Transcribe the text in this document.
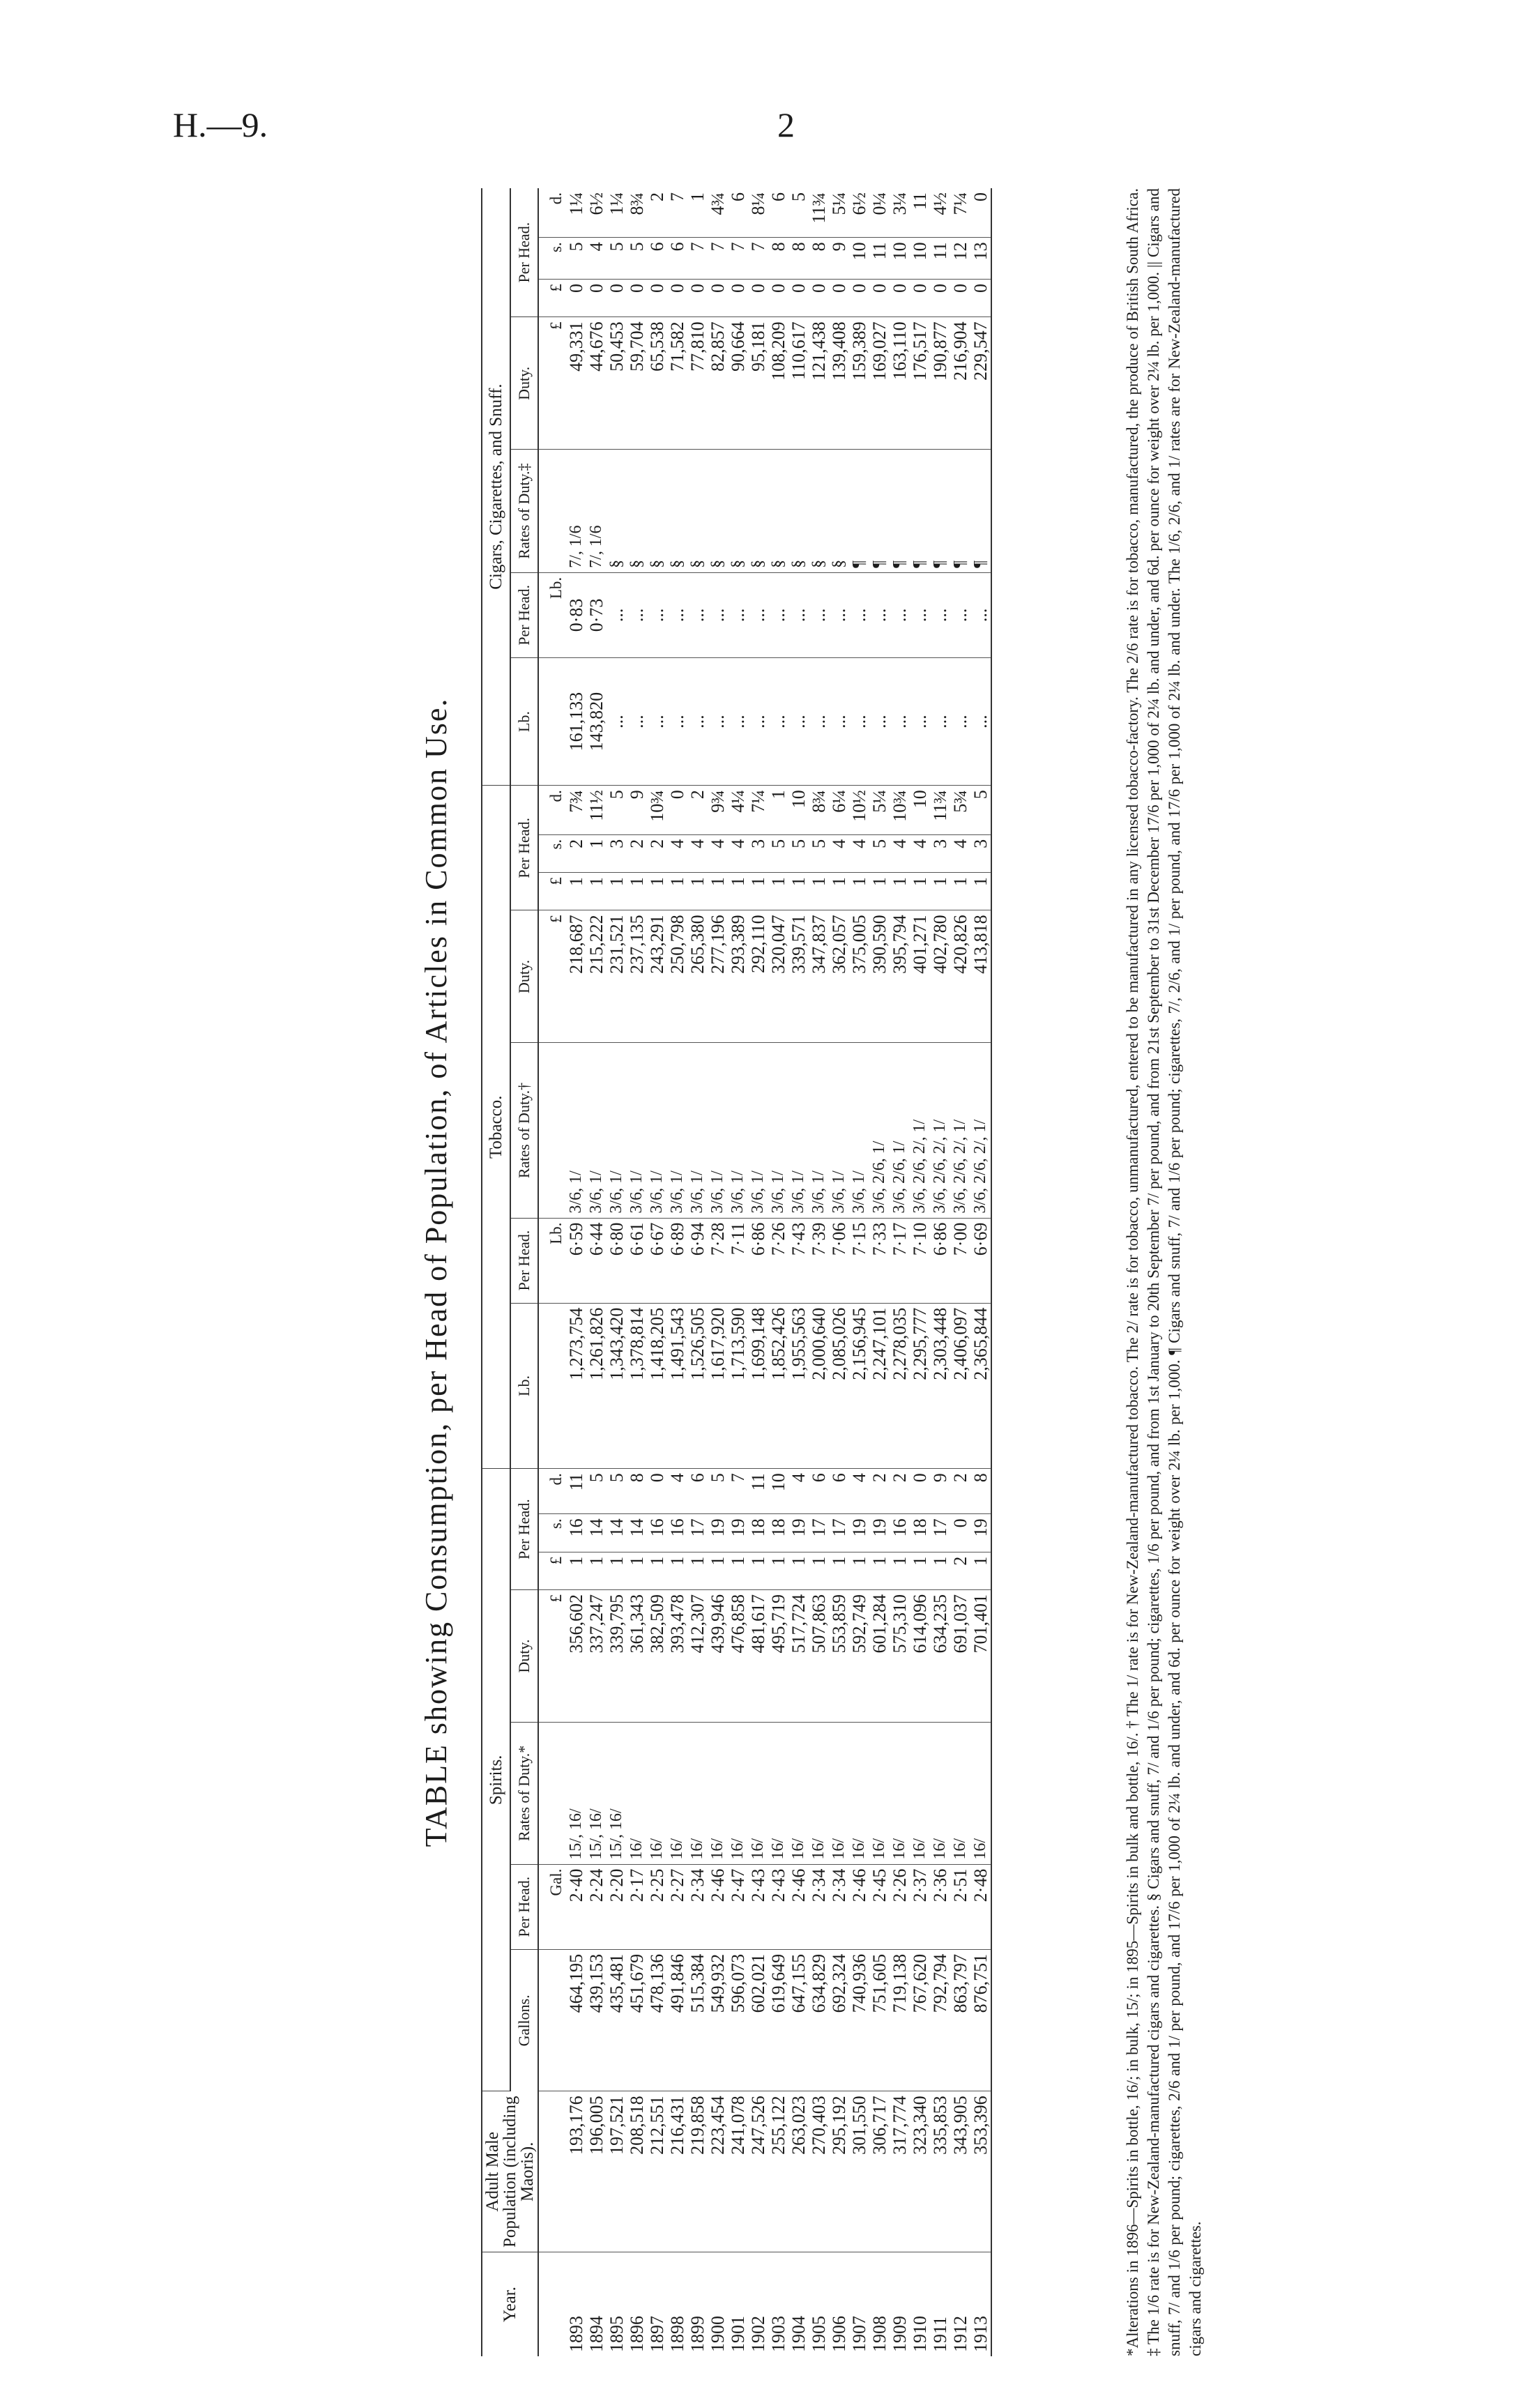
H.—9.	2
TABLE showing Consumption, per Head of Population, of Articles in Common Use.
Year.	Adult Male Population (including Maoris).	Spirits.							Tobacco.							Cigars, Cigarettes, and Snuff.						
		Gallons.	Per Head.	Rates of Duty.*	Duty.	Per Head.			Lb.	Per Head.	Rates of Duty.†	Duty.	Per Head.			Lb.	Per Head.	Rates of Duty.‡	Duty.	Per Head.		
			Gal.		£	£	s.	d.		Lb.		£	£	s.	d.		Lb.		£	£	s.	d.
1893	193,176	464,195	2·40	15/, 16/	356,602	1	16	11	1,273,754	6·59	3/6, 1/	218,687	1	2	7¾	161,133	0·83	7/, 1/6	49,331	0	5	1¼
1894	196,005	439,153	2·24	15/, 16/	337,247	1	14	5	1,261,826	6·44	3/6, 1/	215,222	1	1	11½	143,820	0·73	7/, 1/6	44,676	0	4	6½
1895	197,521	435,481	2·20	15/, 16/	339,795	1	14	5	1,343,420	6·80	3/6, 1/	231,521	1	3	5	...	...	§	50,453	0	5	1¼
1896	208,518	451,679	2·17	16/	361,343	1	14	8	1,378,814	6·61	3/6, 1/	237,135	1	2	9	...	...	§	59,704	0	5	8¾
1897	212,551	478,136	2·25	16/	382,509	1	16	0	1,418,205	6·67	3/6, 1/	243,291	1	2	10¾	...	...	§	65,538	0	6	2
1898	216,431	491,846	2·27	16/	393,478	1	16	4	1,491,543	6·89	3/6, 1/	250,798	1	4	0	...	...	§	71,582	0	6	7
1899	219,858	515,384	2·34	16/	412,307	1	17	6	1,526,505	6·94	3/6, 1/	265,380	1	4	2	...	...	§	77,810	0	7	1
1900	223,454	549,932	2·46	16/	439,946	1	19	5	1,617,920	7·28	3/6, 1/	277,196	1	4	9¾	...	...	§	82,857	0	7	4¾
1901	241,078	596,073	2·47	16/	476,858	1	19	7	1,713,590	7·11	3/6, 1/	293,389	1	4	4¼	...	...	§	90,664	0	7	6
1902	247,526	602,021	2·43	16/	481,617	1	18	11	1,699,148	6·86	3/6, 1/	292,110	1	3	7¼	...	...	§	95,181	0	7	8¼
1903	255,122	619,649	2·43	16/	495,719	1	18	10	1,852,426	7·26	3/6, 1/	320,047	1	5	1	...	...	§	108,209	0	8	6
1904	263,023	647,155	2·46	16/	517,724	1	19	4	1,955,563	7·43	3/6, 1/	339,571	1	5	10	...	...	§	110,617	0	8	5
1905	270,403	634,829	2·34	16/	507,863	1	17	6	2,000,640	7·39	3/6, 1/	347,837	1	5	8¾	...	...	§	121,438	0	8	11¾
1906	295,192	692,324	2·34	16/	553,859	1	17	6	2,085,026	7·06	3/6, 1/	362,057	1	4	6¼	...	...	§	139,408	0	9	5¼
1907	301,550	740,936	2·46	16/	592,749	1	19	4	2,156,945	7·15	3/6, 1/	375,005	1	4	10½	...	...	¶	159,389	0	10	6½
1908	306,717	751,605	2·45	16/	601,284	1	19	2	2,247,101	7·33	3/6, 2/6, 1/	390,590	1	5	5¼	...	...	¶	169,027	0	11	0¼
1909	317,774	719,138	2·26	16/	575,310	1	16	2	2,278,035	7·17	3/6, 2/6, 1/	395,794	1	4	10¾	...	...	¶	163,110	0	10	3¼
1910	323,340	767,620	2·37	16/	614,096	1	18	0	2,295,777	7·10	3/6, 2/6, 2/, 1/	401,271	1	4	10	...	...	¶	176,517	0	10	11
1911	335,853	792,794	2·36	16/	634,235	1	17	9	2,303,448	6·86	3/6, 2/6, 2/, 1/	402,780	1	3	11¾	...	...	¶	190,877	0	11	4½
1912	343,905	863,797	2·51	16/	691,037	2	0	2	2,406,097	7·00	3/6, 2/6, 2/, 1/	420,826	1	4	5¾	...	...	¶	216,904	0	12	7¼
1913	353,396	876,751	2·48	16/	701,401	1	19	8	2,365,844	6·69	3/6, 2/6, 2/, 1/	413,818	1	3	5	...	...	¶	229,547	0	13	0
*Alterations in 1896—Spirits in bottle, 16/; in bulk, 15/; in 1895—Spirits in bulk and bottle, 16/. † The 1/ rate is for New-Zealand-manufactured tobacco. The 2/ rate is for tobacco, unmanufactured, entered to be manufactured in any licensed tobacco-factory. The 2/6 rate is for tobacco, manufactured, the produce of British South Africa. ‡ The 1/6 rate is for New-Zealand-manufactured cigars and cigarettes. § Cigars and snuff, 7/ and 1/6 per pound; cigarettes, 1/6 per pound, and from 1st January to 20th September 7/ per pound, and from 21st September to 31st December 17/6 per 1,000 of 2¼ lb. and under, and 6d. per ounce for weight over 2¼ lb. per 1,000. || Cigars and snuff, 7/ and 1/6 per pound; cigarettes, 2/6 and 1/ per pound, and 17/6 per 1,000 of 2¼ lb. and under, and 6d. per ounce for weight over 2¼ lb. per 1,000. ¶ Cigars and snuff, 7/ and 1/6 per pound; cigarettes, 7/, 2/6, and 1/ per pound, and 17/6 per 1,000 of 2¼ lb. and under. The 1/6, 2/6, and 1/ rates are for New-Zealand-manufactured cigars and cigarettes.
